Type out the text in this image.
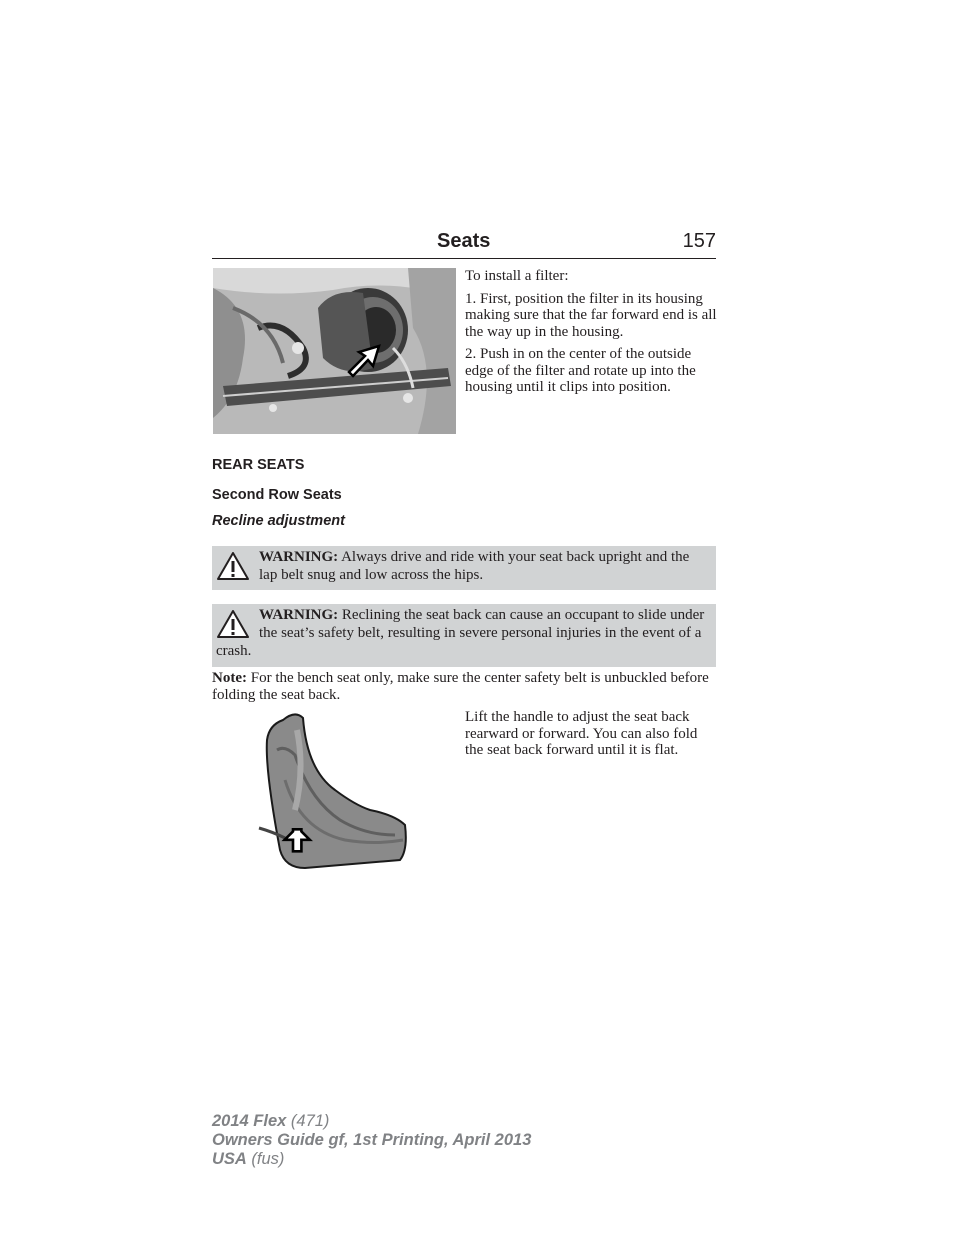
Seats	157

To install a filter:

1. First, position the filter in its housing making sure that the far forward end is all the way up in the housing.

2. Push in on the center of the outside edge of the filter and rotate up into the housing until it clips into position.

REAR SEATS
Second Row Seats
Recline adjustment
WARNING: Always drive and ride with your seat back upright and the lap belt snug and low across the hips.
WARNING: Reclining the seat back can cause an occupant to slide under the seat’s safety belt, resulting in severe personal injuries in the event of a crash.
Note: For the bench seat only, make sure the center safety belt is unbuckled before folding the seat back.
Lift the handle to adjust the seat back rearward or forward. You can also fold the seat back forward until it is flat.
2014 Flex (471)
Owners Guide gf, 1st Printing, April 2013
USA (fus)
